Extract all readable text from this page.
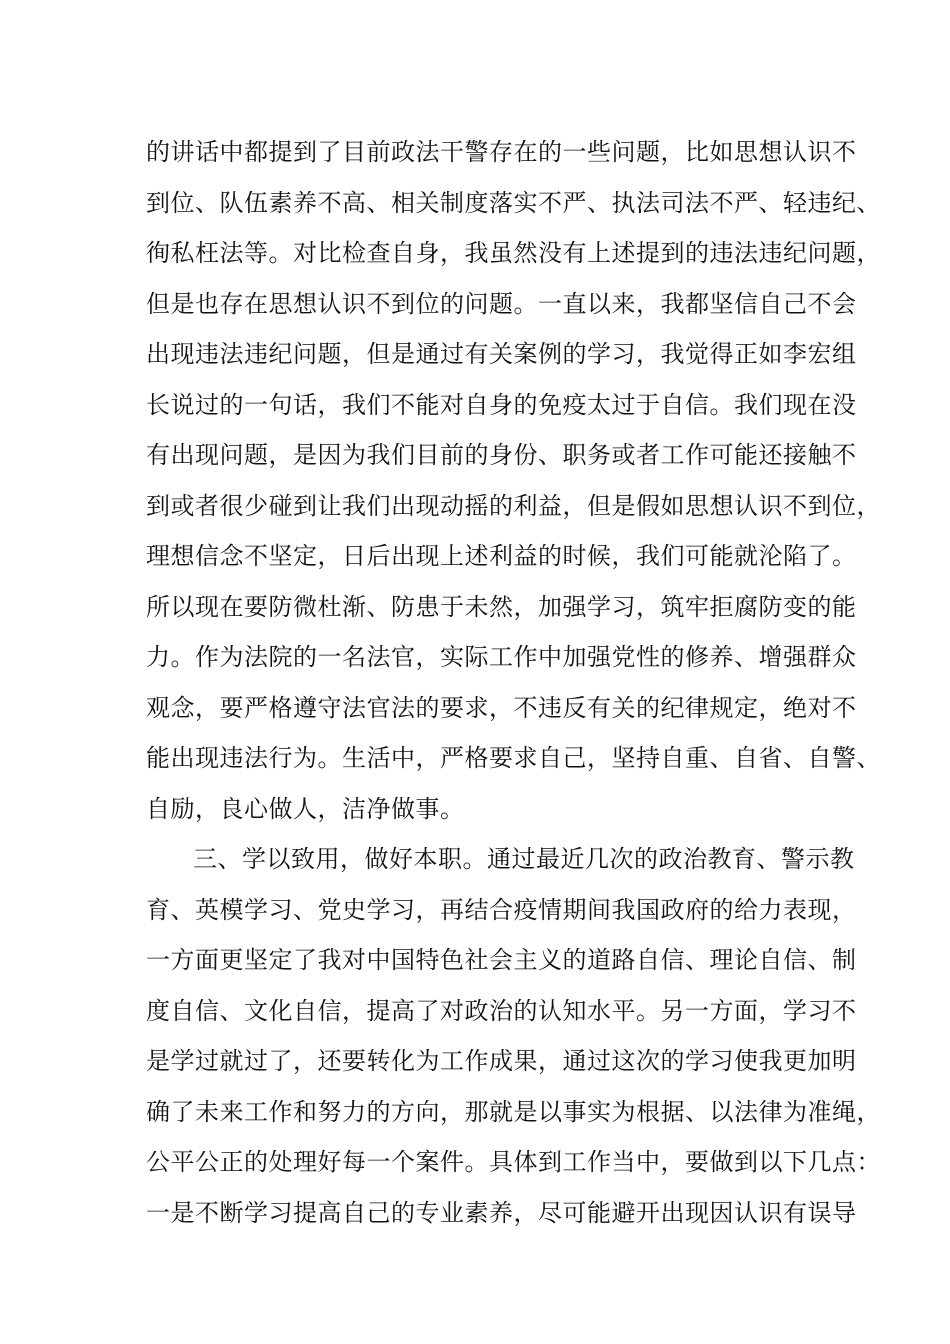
的讲话中都提到了目前政法干警存在的一些问题，比如思想认识不
到位、队伍素养不高、相关制度落实不严、执法司法不严、轻违纪、
徇私枉法等。对比检查自身，我虽然没有上述提到的违法违纪问题，
但是也存在思想认识不到位的问题。一直以来，我都坚信自己不会
出现违法违纪问题，但是通过有关案例的学习，我觉得正如李宏组
长说过的一句话，我们不能对自身的免疫太过于自信。我们现在没
有出现问题，是因为我们目前的身份、职务或者工作可能还接触不
到或者很少碰到让我们出现动摇的利益，但是假如思想认识不到位，
理想信念不坚定，日后出现上述利益的时候，我们可能就沦陷了。
所以现在要防微杜渐、防患于未然，加强学习，筑牢拒腐防变的能
力。作为法院的一名法官，实际工作中加强党性的修养、增强群众
观念，要严格遵守法官法的要求，不违反有关的纪律规定，绝对不
能出现违法行为。生活中，严格要求自己，坚持自重、自省、自警、
自励，良心做人，洁净做事。
三、学以致用，做好本职。通过最近几次的政治教育、警示教
育、英模学习、党史学习，再结合疫情期间我国政府的给力表现，
一方面更坚定了我对中国特色社会主义的道路自信、理论自信、制
度自信、文化自信，提高了对政治的认知水平。另一方面，学习不
是学过就过了，还要转化为工作成果，通过这次的学习使我更加明
确了未来工作和努力的方向，那就是以事实为根据、以法律为准绳，
公平公正的处理好每一个案件。具体到工作当中，要做到以下几点：
一是不断学习提高自己的专业素养，尽可能避开出现因认识有误导
